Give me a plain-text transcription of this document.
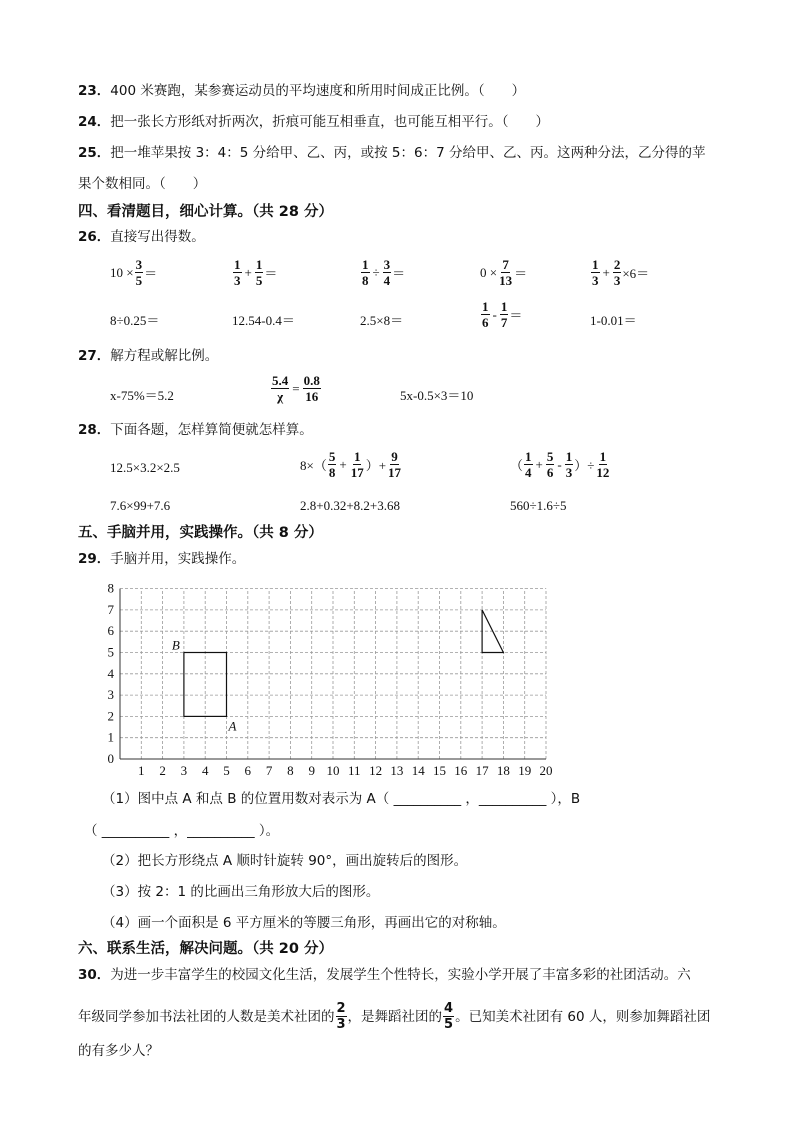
23．400 米赛跑，某参赛运动员的平均速度和所用时间成正比例。（　　）
24．把一张长方形纸对折两次，折痕可能互相垂直，也可能互相平行。（　　）
25．把一堆苹果按 3：4：5 分给甲、乙、丙，或按 5：6：7 分给甲、乙、丙。这两种分法，乙分得的苹
果个数相同。（　　）
四、看清题目，细心计算。（共 28 分）
26．直接写出得数。
$10 \times \frac{3}{5}$ ＝	$\frac{1}{3} + \frac{1}{5}$ ＝	$\frac{1}{8} \div \frac{3}{4}$ ＝	$0 \times \frac{7}{13}$ ＝	$\frac{1}{3} + \frac{2}{3} \times 6=$
8÷0.25＝	12.54-0.4＝	2.5×8＝	$\frac{1}{6} - \frac{1}{7}$ ＝	1-0.01＝
27．解方程或解比例。
x-75%＝5.2	$\frac{5.4}{\chi} = \frac{0.8}{16}$	5x-0.5×3＝10
28．下面各题，怎样算简便就怎样算。
12.5×3.2×2.5	$8\times( \frac{5}{8} + \frac{1}{17}$ ）+ $\frac{9}{17}$	（ $\frac{1}{4} + \frac{5}{6} - \frac{1}{3}$ ）÷ $\frac{1}{12}$
7.6×99+7.6	2.8+0.32+8.2+3.68	560÷1.6÷5
五、手脑并用，实践操作。（共 8 分）
29．手脑并用，实践操作。
1 2 3 4 5 6 7 8 9 10 11 12 13 14 15 16 17 18 19 20
0
1
2
3
4
5
6
7
8
B
A
（1）图中点 A 和点 B 的位置用数对表示为 A（ __________ ，__________ ），B
（ __________ ，__________ ）。
（2）把长方形绕点 A 顺时针旋转 90°，画出旋转后的图形。
（3）按 2：1 的比画出三角形放大后的图形。
（4）画一个面积是 6 平方厘米的等腰三角形，再画出它的对称轴。
六、联系生活，解决问题。（共 20 分）
30．为进一步丰富学生的校园文化生活，发展学生个性特长，实验小学开展了丰富多彩的社团活动。六
年级同学参加书法社团的人数是美术社团的 $\frac{2}{3}$ ，是舞蹈社团的 $\frac{4}{5}$ 。已知美术社团有 60 人，则参加舞蹈社团
的有多少人？
